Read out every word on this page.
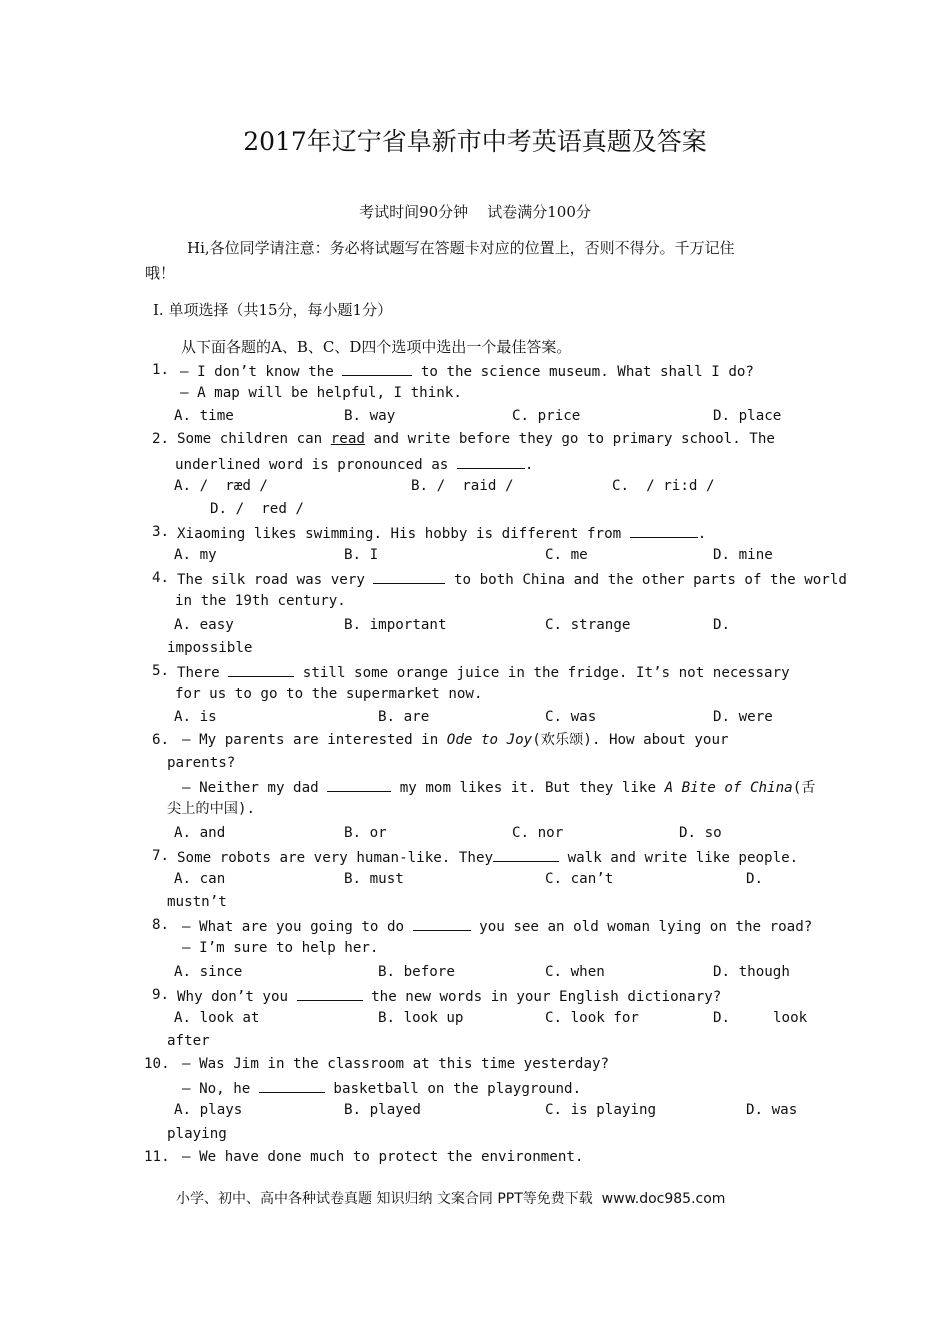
2017年辽宁省阜新市中考英语真题及答案
考试时间90分钟    试卷满分100分
Hi,各位同学请注意：务必将试题写在答题卡对应的位置上，否则不得分。千万记住
哦！
Ⅰ. 单项选择（共15分，每小题1分）
从下面各题的A、B、C、D四个选项中选出一个最佳答案。
1. – I don’t know the	to the science museum. What shall I do?
– A map will be helpful, I think.
A. time	B. way	C. price	D. place
2. Some children can read and write before they go to primary school. The
underlined word is pronounced as	.
A. /  ræd /	B. /  raid /	C.  / ri:d /
D. /  red /
3. Xiaoming likes swimming. His hobby is different from	.
A. my	B. I	C. me	D. mine
4. The silk road was very	to both China and the other parts of the world
in the 19th century.
A. easy	B. important	C. strange	D.
impossible
5. There	still some orange juice in the fridge. It’s not necessary
for us to go to the supermarket now.
A. is	B. are	C. was	D. were
6. – My parents are interested in Ode to Joy(欢乐颂). How about your
parents?
– Neither my dad	my mom likes it. But they like A Bite of China(舌
尖上的中国).
A. and	B. or	C. nor	D. so
7. Some robots are very human-like. They	walk and write like people.
A. can	B. must	C. can’t	D.
mustn’t
8. – What are you going to do	you see an old woman lying on the road?
– I’m sure to help her.
A. since	B. before	C. when	D. though
9. Why don’t you	the new words in your English dictionary?
A. look at	B. look up	C. look for	D.	look
after
10. – Was Jim in the classroom at this time yesterday?
– No, he	basketball on the playground.
A. plays	B. played	C. is playing	D. was
playing
11. – We have done much to protect the environment.
小学、初中、高中各种试卷真题 知识归纳 文案合同 PPT等免费下载  www.doc985.com
